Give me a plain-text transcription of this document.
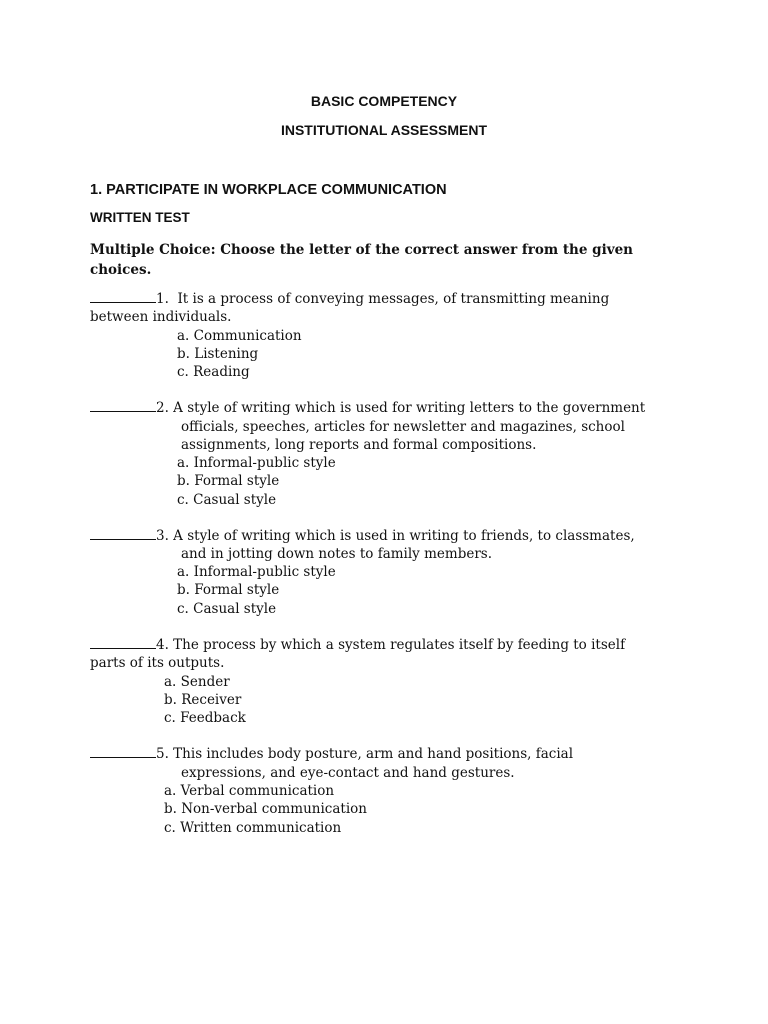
BASIC COMPETENCY
INSTITUTIONAL ASSESSMENT
1. PARTICIPATE IN WORKPLACE COMMUNICATION
WRITTEN TEST
Multiple Choice: Choose the letter of the correct answer from the given choices.
1.  It is a process of conveying messages, of transmitting meaning
between individuals.
a. Communication
b. Listening
c. Reading
2. A style of writing which is used for writing letters to the government
officials, speeches, articles for newsletter and magazines, school
assignments, long reports and formal compositions.
a. Informal-public style
b. Formal style
c. Casual style
3. A style of writing which is used in writing to friends, to classmates,
and in jotting down notes to family members.
a. Informal-public style
b. Formal style
c. Casual style
4. The process by which a system regulates itself by feeding to itself
parts of its outputs.
a. Sender
b. Receiver
c. Feedback
5. This includes body posture, arm and hand positions, facial
expressions, and eye-contact and hand gestures.
a. Verbal communication
b. Non-verbal communication
c. Written communication
